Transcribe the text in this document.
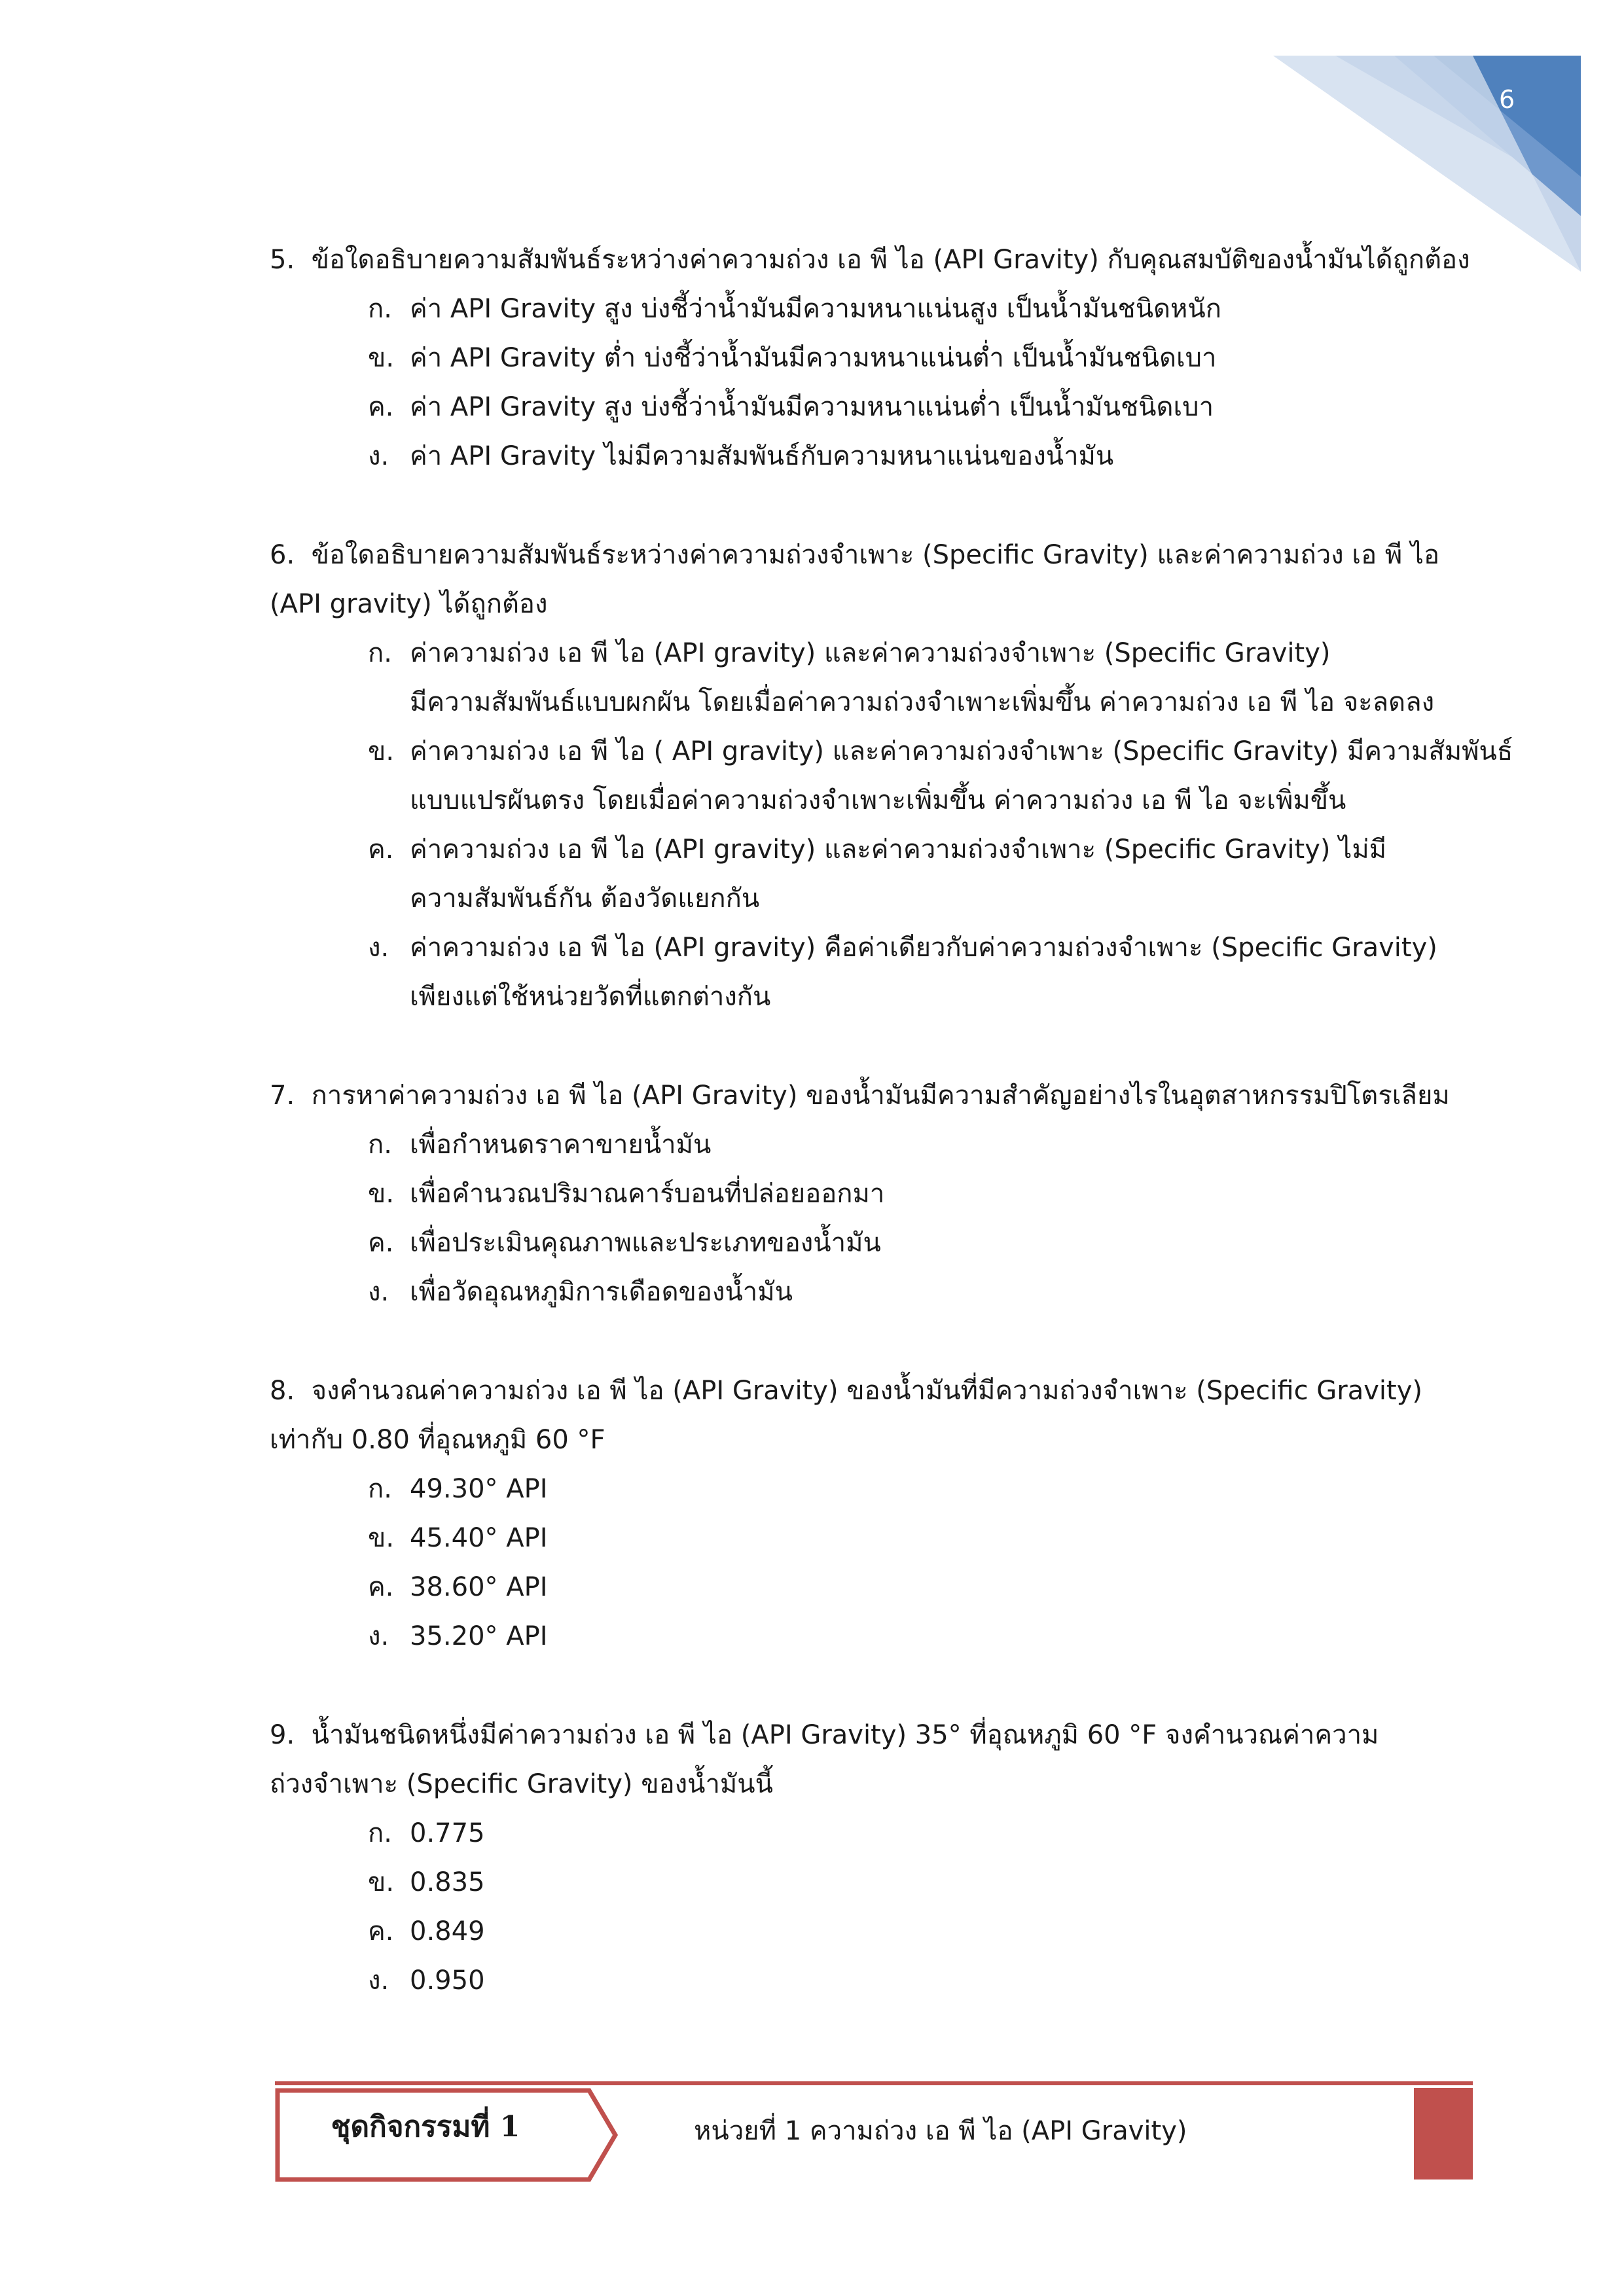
6
5. ข้อใดอธิบายความสัมพันธ์ระหว่างค่าความถ่วง เอ พี ไอ (API Gravity) กับคุณสมบัติของน้ำมันได้ถูกต้อง
ก. ค่า API Gravity สูง บ่งชี้ว่าน้ำมันมีความหนาแน่นสูง เป็นน้ำมันชนิดหนัก
ข. ค่า API Gravity ต่ำ บ่งชี้ว่าน้ำมันมีความหนาแน่นต่ำ เป็นน้ำมันชนิดเบา
ค. ค่า API Gravity สูง บ่งชี้ว่าน้ำมันมีความหนาแน่นต่ำ เป็นน้ำมันชนิดเบา
ง. ค่า API Gravity ไม่มีความสัมพันธ์กับความหนาแน่นของน้ำมัน
6. ข้อใดอธิบายความสัมพันธ์ระหว่างค่าความถ่วงจำเพาะ (Specific Gravity) และค่าความถ่วง เอ พี ไอ
(API gravity) ได้ถูกต้อง
ก. ค่าความถ่วง เอ พี ไอ (API gravity) และค่าความถ่วงจำเพาะ (Specific Gravity)
มีความสัมพันธ์แบบผกผัน โดยเมื่อค่าความถ่วงจำเพาะเพิ่มขึ้น ค่าความถ่วง เอ พี ไอ จะลดลง
ข. ค่าความถ่วง เอ พี ไอ ( API gravity) และค่าความถ่วงจำเพาะ (Specific Gravity) มีความสัมพันธ์
แบบแปรผันตรง โดยเมื่อค่าความถ่วงจำเพาะเพิ่มขึ้น ค่าความถ่วง เอ พี ไอ จะเพิ่มขึ้น
ค. ค่าความถ่วง เอ พี ไอ (API gravity) และค่าความถ่วงจำเพาะ (Specific Gravity) ไม่มี
ความสัมพันธ์กัน ต้องวัดแยกกัน
ง. ค่าความถ่วง เอ พี ไอ (API gravity) คือค่าเดียวกับค่าความถ่วงจำเพาะ (Specific Gravity)
เพียงแต่ใช้หน่วยวัดที่แตกต่างกัน
7. การหาค่าความถ่วง เอ พี ไอ (API Gravity) ของน้ำมันมีความสำคัญอย่างไรในอุตสาหกรรมปิโตรเลียม
ก. เพื่อกำหนดราคาขายน้ำมัน
ข. เพื่อคำนวณปริมาณคาร์บอนที่ปล่อยออกมา
ค. เพื่อประเมินคุณภาพและประเภทของน้ำมัน
ง. เพื่อวัดอุณหภูมิการเดือดของน้ำมัน
8. จงคำนวณค่าความถ่วง เอ พี ไอ (API Gravity) ของน้ำมันที่มีความถ่วงจำเพาะ (Specific Gravity)
เท่ากับ 0.80 ที่อุณหภูมิ 60 °F
ก. 49.30° API
ข. 45.40° API
ค. 38.60° API
ง. 35.20° API
9. น้ำมันชนิดหนึ่งมีค่าความถ่วง เอ พี ไอ (API Gravity) 35° ที่อุณหภูมิ 60 °F จงคำนวณค่าความ
ถ่วงจำเพาะ (Specific Gravity) ของน้ำมันนี้
ก. 0.775
ข. 0.835
ค. 0.849
ง. 0.950
ชุดกิจกรรมที่ 1	หน่วยที่ 1 ความถ่วง เอ พี ไอ (API Gravity)
